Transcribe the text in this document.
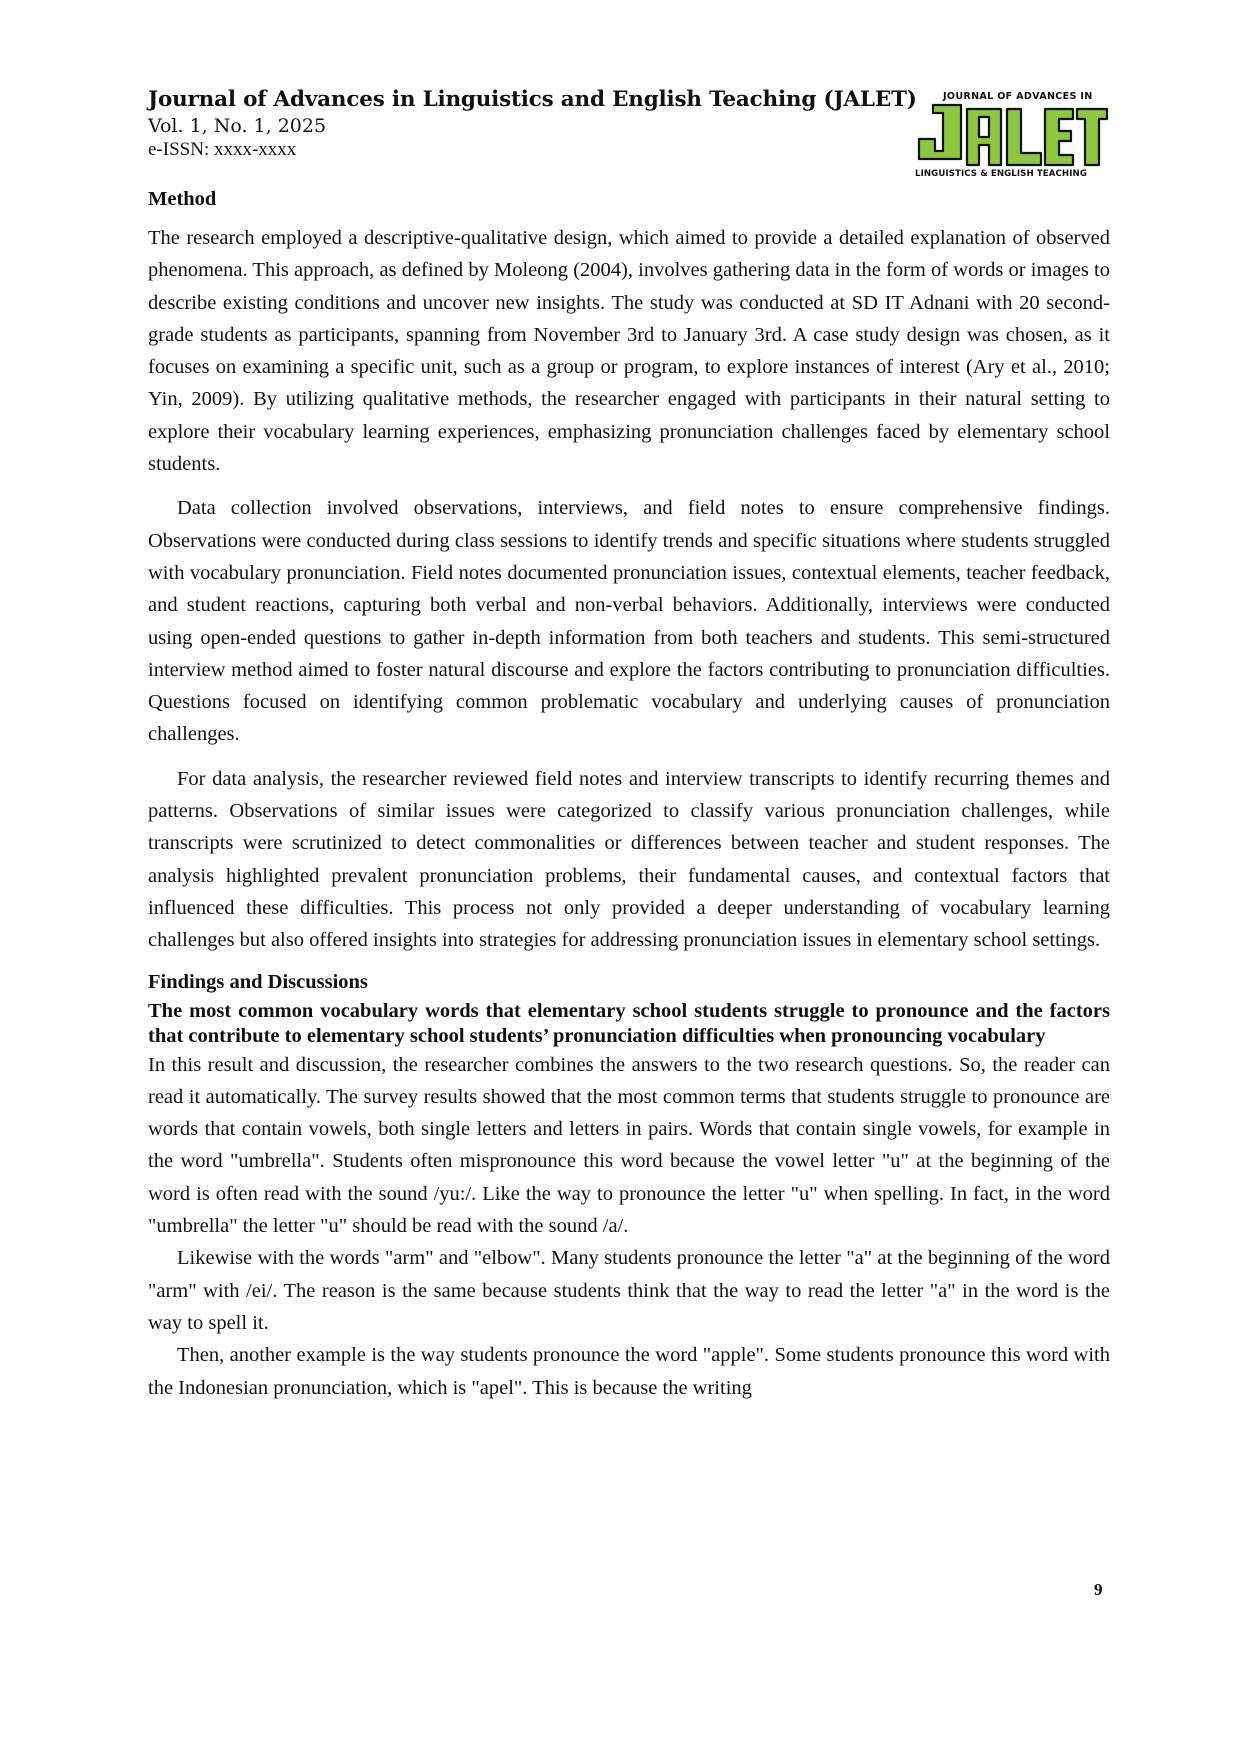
Journal of Advances in Linguistics and English Teaching (JALET)

Vol. 1, No. 1, 2025

e-ISSN: xxxx-xxxx

JOURNAL OF ADVANCES IN
LINGUISTICS & ENGLISH TEACHING
Method

The research employed a descriptive-qualitative design, which aimed to provide a detailed explanation of observed phenomena. This approach, as defined by Moleong (2004), involves gathering data in the form of words or images to describe existing conditions and uncover new insights. The study was conducted at SD IT Adnani with 20 second-grade students as participants, spanning from November 3rd to January 3rd. A case study design was chosen, as it focuses on examining a specific unit, such as a group or program, to explore instances of interest (Ary et al., 2010; Yin, 2009). By utilizing qualitative methods, the researcher engaged with participants in their natural setting to explore their vocabulary learning experiences, emphasizing pronunciation challenges faced by elementary school students.

Data collection involved observations, interviews, and field notes to ensure comprehensive findings. Observations were conducted during class sessions to identify trends and specific situations where students struggled with vocabulary pronunciation. Field notes documented pronunciation issues, contextual elements, teacher feedback, and student reactions, capturing both verbal and non-verbal behaviors. Additionally, interviews were conducted using open-ended questions to gather in-depth information from both teachers and students. This semi-structured interview method aimed to foster natural discourse and explore the factors contributing to pronunciation difficulties. Questions focused on identifying common problematic vocabulary and underlying causes of pronunciation challenges.

For data analysis, the researcher reviewed field notes and interview transcripts to identify recurring themes and patterns. Observations of similar issues were categorized to classify various pronunciation challenges, while transcripts were scrutinized to detect commonalities or differences between teacher and student responses. The analysis highlighted prevalent pronunciation problems, their fundamental causes, and contextual factors that influenced these difficulties. This process not only provided a deeper understanding of vocabulary learning challenges but also offered insights into strategies for addressing pronunciation issues in elementary school settings.

Findings and Discussions
The most common vocabulary words that elementary school students struggle to pronounce and the factors that contribute to elementary school students’ pronunciation difficulties when pronouncing vocabulary

In this result and discussion, the researcher combines the answers to the two research questions. So, the reader can read it automatically. The survey results showed that the most common terms that students struggle to pronounce are words that contain vowels, both single letters and letters in pairs. Words that contain single vowels, for example in the word "umbrella". Students often mispronounce this word because the vowel letter "u" at the beginning of the word is often read with the sound /yu:/. Like the way to pronounce the letter "u" when spelling. In fact, in the word "umbrella" the letter "u" should be read with the sound /a/.

Likewise with the words "arm" and "elbow". Many students pronounce the letter "a" at the beginning of the word "arm" with /ei/. The reason is the same because students think that the way to read the letter "a" in the word is the way to spell it.

Then, another example is the way students pronounce the word "apple". Some students pronounce this word with the Indonesian pronunciation, which is "apel". This is because the writing

9
